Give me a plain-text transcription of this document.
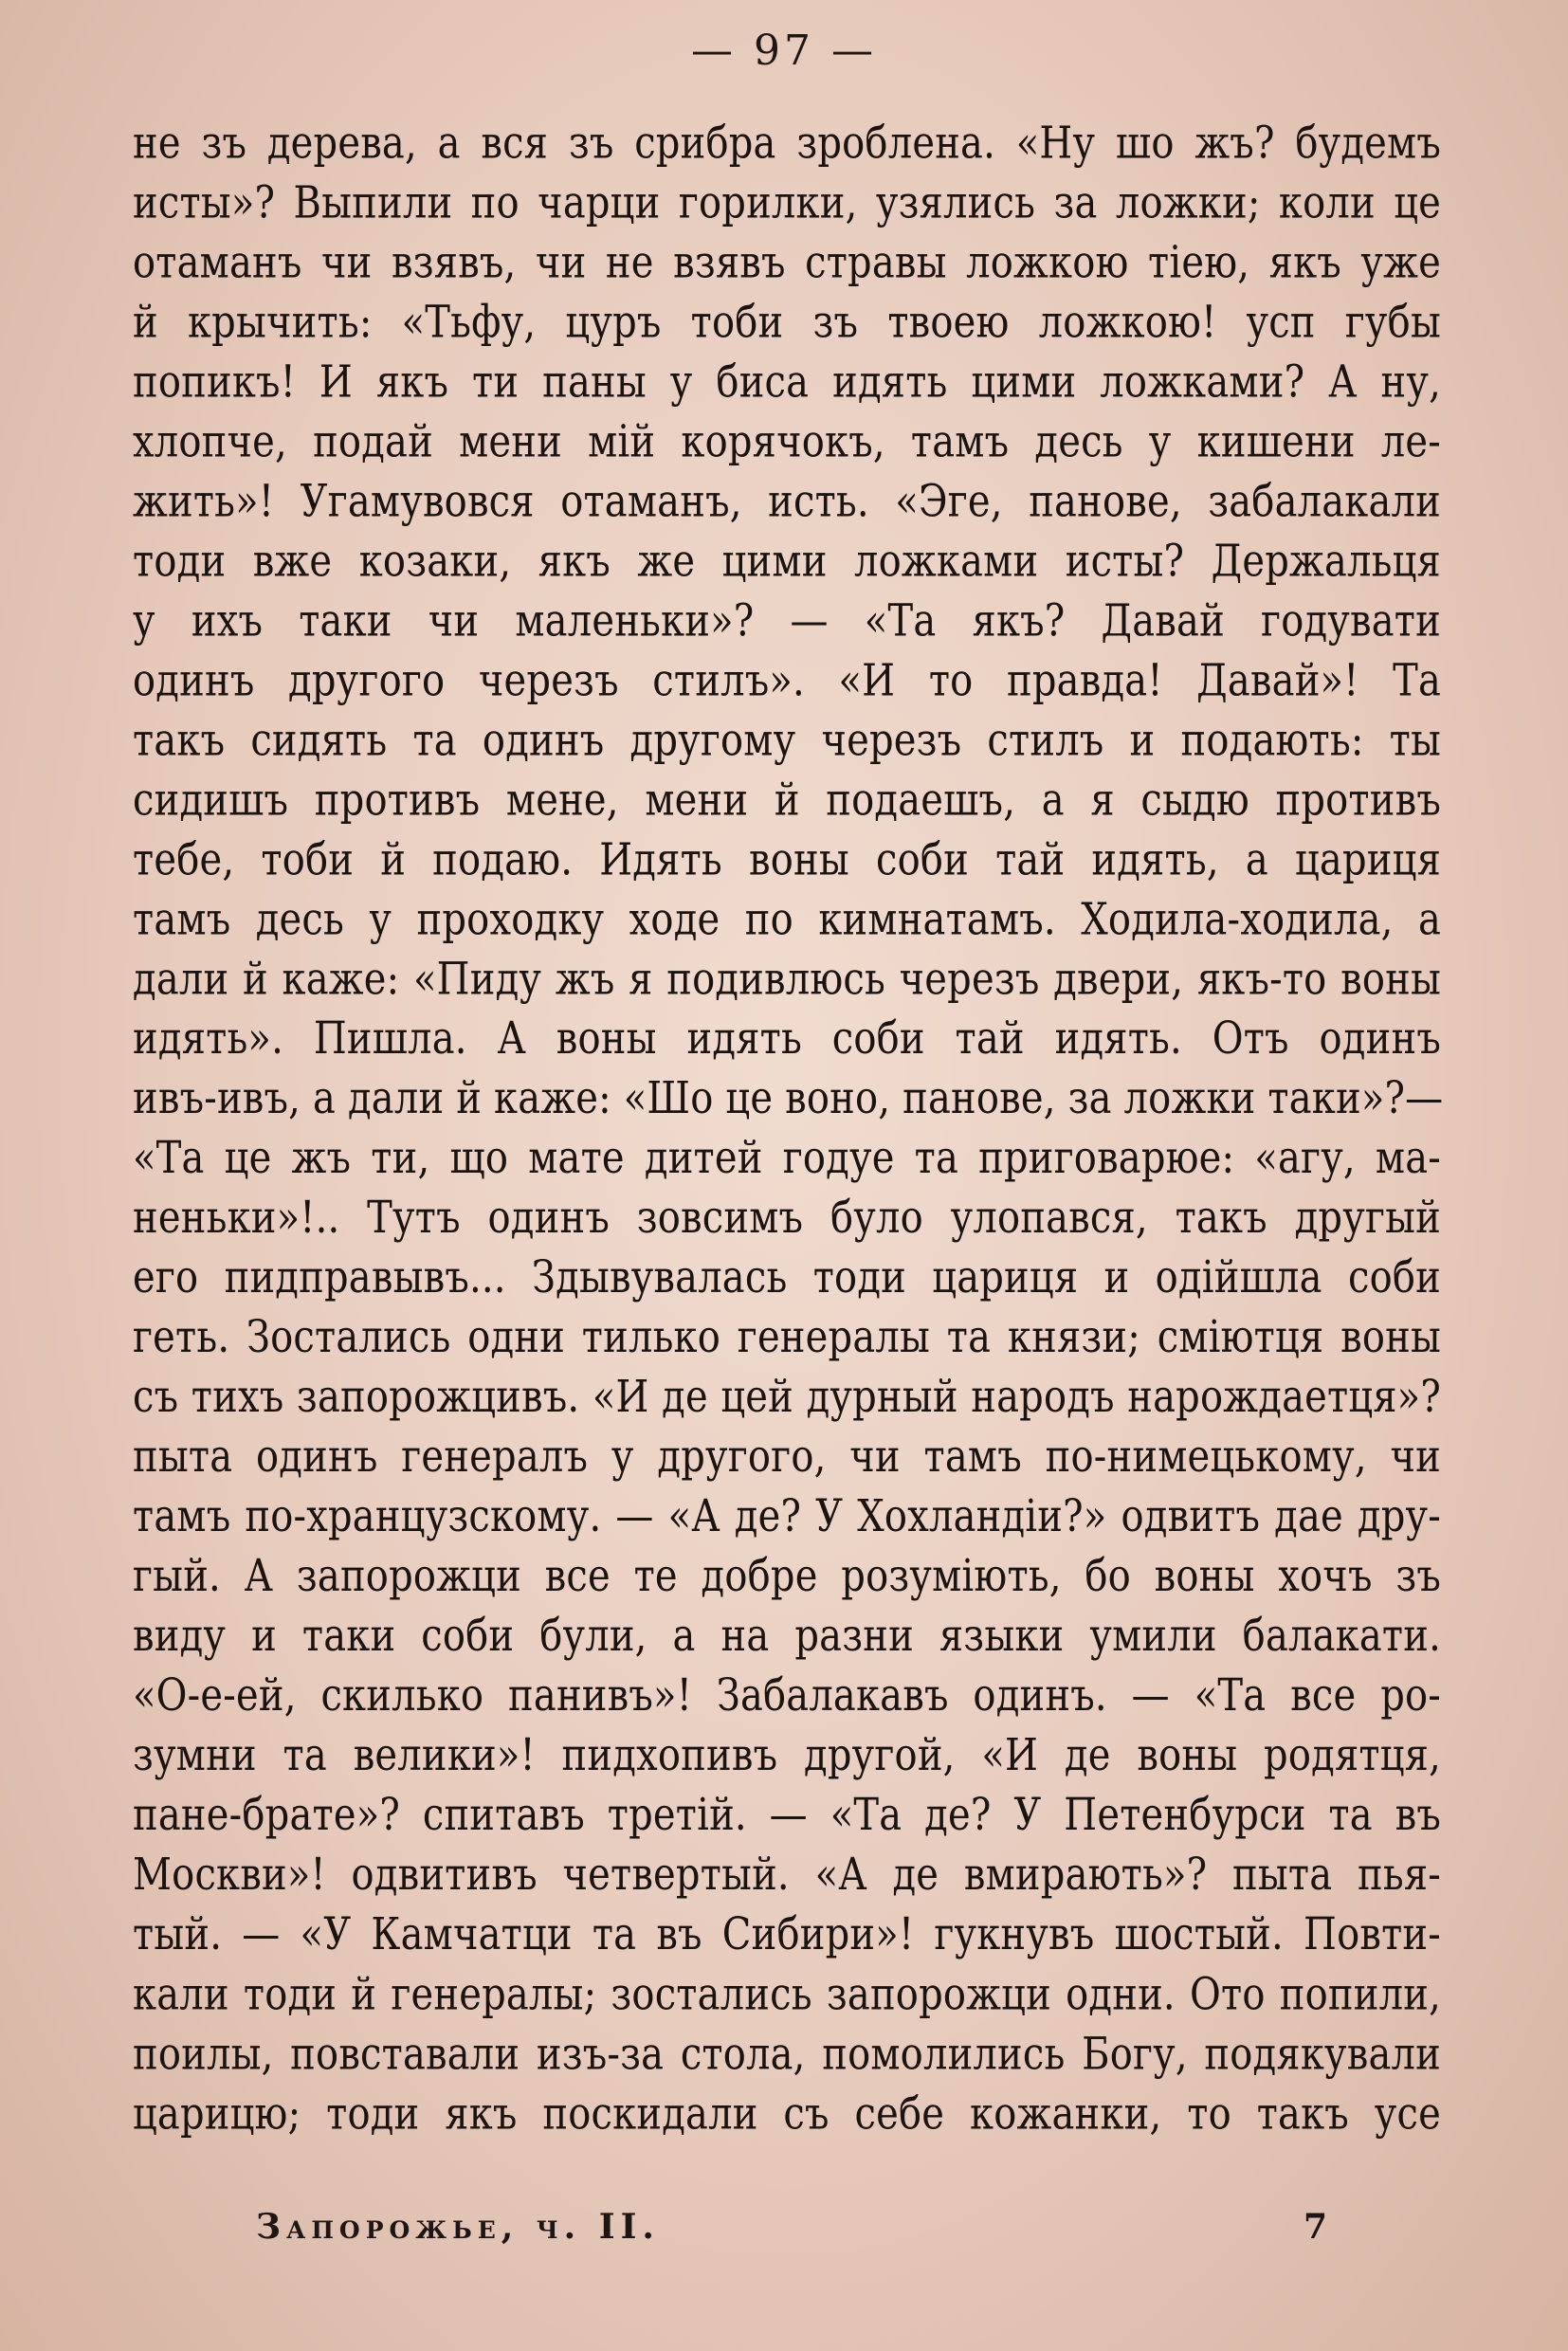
— 97 —
не зъ дерева, а вся зъ срибра зроблена. «Ну шо жъ? будемъ
исты»? Выпили по чарци горилки, узялись за ложки; коли це
отаманъ чи взявъ, чи не взявъ стравы ложкою тiею, якъ уже
й крычить: «Тьфу, цуръ тоби зъ твоею ложкою! усп губы
попикъ! И якъ ти паны у биса идять цими ложками? А ну,
хлопче, подай мени мiй корячокъ, тамъ десь у кишени ле-
жить»! Угамувовся отаманъ, исть. «Эге, панове, забалакали
тоди вже козаки, якъ же цими ложками исты? Держальця
у ихъ таки чи маленьки»? — «Та якъ? Давай годувати
одинъ другого черезъ стилъ». «И то правда! Давай»! Та
такъ сидять та одинъ другому черезъ стилъ и подають: ты
сидишъ противъ мене, мени й подаешъ, а я сыдю противъ
тебе, тоби й подаю. Идять воны соби тай идять, а цариця
тамъ десь у проходку ходе по кимнатамъ. Ходила-ходила, а
дали й каже: «Пиду жъ я подивлюсь черезъ двери, якъ-то воны
идять». Пишла. А воны идять соби тай идять. Отъ одинъ
ивъ-ивъ, а дали й каже: «Шо це воно, панове, за ложки таки»?—
«Та це жъ ти, що мате дитей годуе та приговарюе: «агу, ма-
неньки»!.. Тутъ одинъ зовсимъ було улопався, такъ другый
его пидправывъ... Здывувалась тоди цариця и одiйшла соби
геть. Зостались одни тилько генералы та князи; смiютця воны
съ тихъ запорожцивъ. «И де цей дурный народъ нарождаетця»?
пыта одинъ генералъ у другого, чи тамъ по-нимецькому, чи
тамъ по-хранцузскому. — «А де? У Хохландiи?» одвитъ дае дру-
гый. А запорожци все те добре розумiють, бо воны хочъ зъ
виду и таки соби були, а на разни языки умили балакати.
«О-е-ей, скилько панивъ»! Забалакавъ одинъ. — «Та все ро-
зумни та велики»! пидхопивъ другой, «И де воны родятця,
пане-брате»? спитавъ третiй. — «Та де? У Петенбурси та въ
Москви»! одвитивъ четвертый. «А де вмирають»? пыта пья-
тый. — «У Камчатци та въ Сибири»! гукнувъ шостый. Повти-
кали тоди й генералы; зостались запорожци одни. Ото попили,
поилы, повставали изъ-за стола, помолились Богу, подякували
царицю; тоди якъ поскидали съ себе кожанки, то такъ усе
Запорожье, ч. II.	7
